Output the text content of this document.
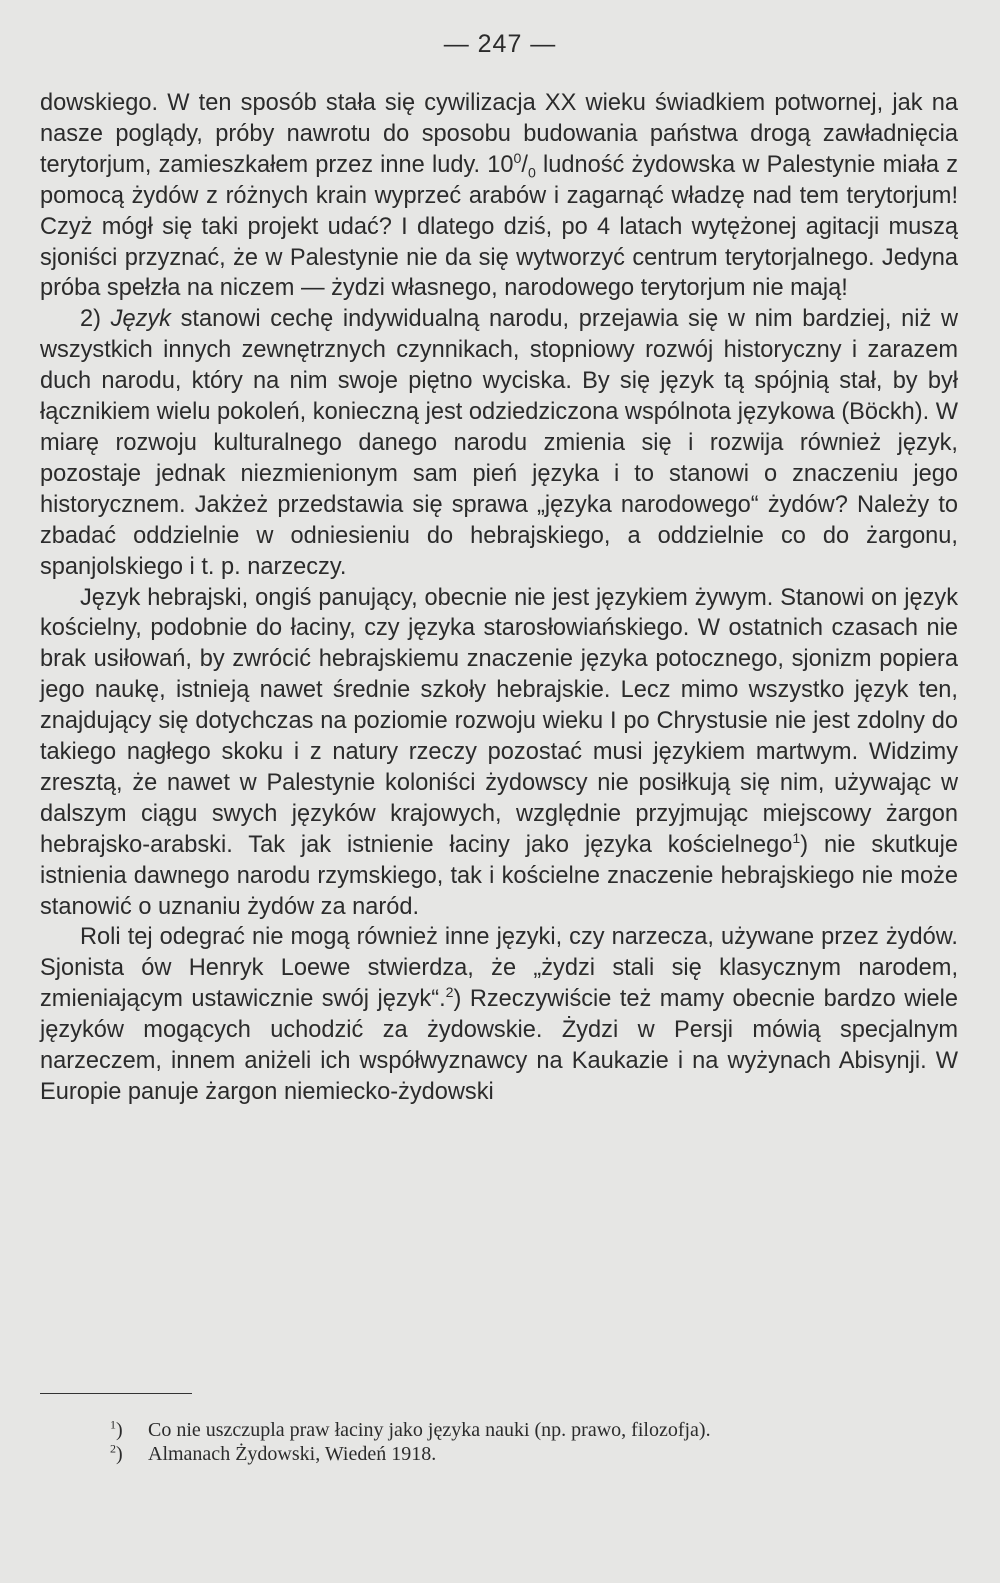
— 247 —

dowskiego. W ten sposób stała się cywilizacja XX wieku świadkiem potwornej, jak na nasze poglądy, próby nawrotu do sposobu budowania państwa drogą zawładnięcia terytorjum, zamieszkałem przez inne ludy. $10^0/_0$ ludność żydowska w Palestynie miała z pomocą żydów z różnych krain wyprzeć arabów i zagarnąć władzę nad tem terytorjum! Czyż mógł się taki projekt udać? I dlatego dziś, po 4 latach wytężonej agitacji muszą sjoniści przyznać, że w Palestynie nie da się wytworzyć centrum terytorjalnego. Jedyna próba spełzła na niczem — żydzi własnego, narodowego terytorjum nie mają!

2) Język stanowi cechę indywidualną narodu, przejawia się w nim bardziej, niż w wszystkich innych zewnętrznych czynnikach, stopniowy rozwój historyczny i zarazem duch narodu, który na nim swoje piętno wyciska. By się język tą spójnią stał, by był łącznikiem wielu pokoleń, konieczną jest odziedziczona wspólnota językowa (Böckh). W miarę rozwoju kulturalnego danego narodu zmienia się i rozwija również język, pozostaje jednak niezmienionym sam pień języka i to stanowi o znaczeniu jego historycznem. Jakżeż przedstawia się sprawa „języka narodowego“ żydów? Należy to zbadać oddzielnie w odniesieniu do hebrajskiego, a oddzielnie co do żargonu, spanjolskiego i t. p. narzeczy.

Język hebrajski, ongiś panujący, obecnie nie jest językiem żywym. Stanowi on język kościelny, podobnie do łaciny, czy języka starosłowiańskiego. W ostatnich czasach nie brak usiłowań, by zwrócić hebrajskiemu znaczenie języka potocznego, sjonizm popiera jego naukę, istnieją nawet średnie szkoły hebrajskie. Lecz mimo wszystko język ten, znajdujący się dotychczas na poziomie rozwoju wieku I po Chrystusie nie jest zdolny do takiego nagłego skoku i z natury rzeczy pozostać musi językiem martwym. Widzimy zresztą, że nawet w Palestynie koloniści żydowscy nie posiłkują się nim, używając w dalszym ciągu swych języków krajowych, względnie przyjmując miejscowy żargon hebrajsko-arabski. Tak jak istnienie łaciny jako języka kościelnego$^1$) nie skutkuje istnienia dawnego narodu rzymskiego, tak i kościelne znaczenie hebrajskiego nie może stanowić o uznaniu żydów za naród.

Roli tej odegrać nie mogą również inne języki, czy narzecza, używane przez żydów. Sjonista ów Henryk Loewe stwierdza, że „żydzi stali się klasycznym narodem, zmieniającym ustawicznie swój język“.$^2$) Rzeczywiście też mamy obecnie bardzo wiele języków mogących uchodzić za żydowskie. Żydzi w Persji mówią specjalnym narzeczem, innem aniżeli ich współwyznawcy na Kaukazie i na wyżynach Abisynji. W Europie panuje żargon niemiecko-żydowski

$^1$)	Co nie uszczupla praw łaciny jako języka nauki (np. prawo, filozofja).
$^2$)	Almanach Żydowski, Wiedeń 1918.
